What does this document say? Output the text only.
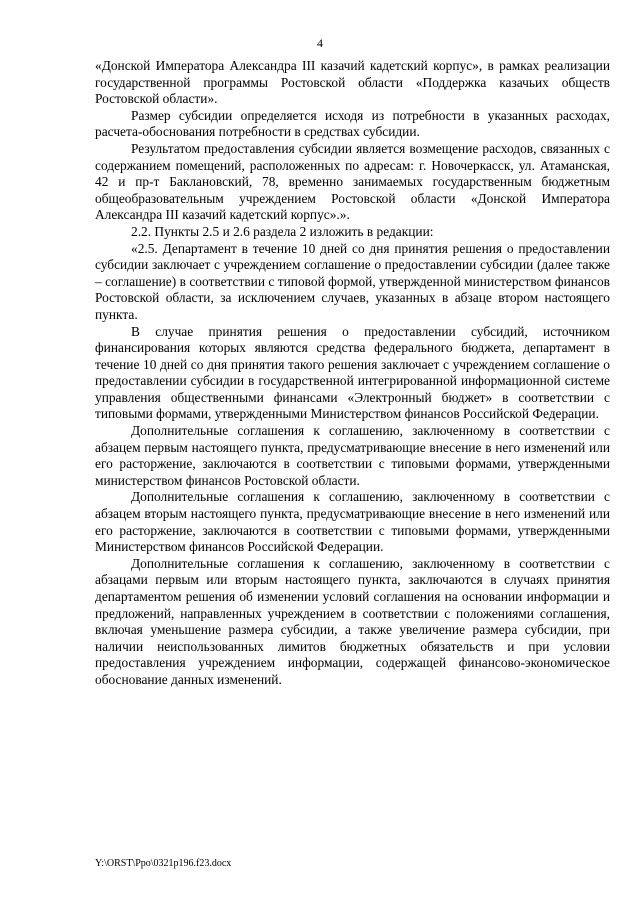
4

«Донской Императора Александра III казачий кадетский корпус», в рамках реализации государственной программы Ростовской области «Поддержка казачьих обществ Ростовской области».

Размер субсидии определяется исходя из потребности в указанных расходах, расчета-обоснования потребности в средствах субсидии.

Результатом предоставления субсидии является возмещение расходов, связанных с содержанием помещений, расположенных по адресам: г. Новочеркасск, ул. Атаманская, 42 и пр-т Баклановский, 78, временно занимаемых государственным бюджетным общеобразовательным учреждением Ростовской области «Донской Императора Александра III казачий кадетский корпус».».

2.2. Пункты 2.5 и 2.6 раздела 2 изложить в редакции:

«2.5. Департамент в течение 10 дней со дня принятия решения о предоставлении субсидии заключает с учреждением соглашение о предоставлении субсидии (далее также – соглашение) в соответствии с типовой формой, утвержденной министерством финансов Ростовской области, за исключением случаев, указанных в абзаце втором настоящего пункта.

В случае принятия решения о предоставлении субсидий, источником финансирования которых являются средства федерального бюджета, департамент в течение 10 дней со дня принятия такого решения заключает с учреждением соглашение о предоставлении субсидии в государственной интегрированной информационной системе управления общественными финансами «Электронный бюджет» в соответствии с типовыми формами, утвержденными Министерством финансов Российской Федерации.

Дополнительные соглашения к соглашению, заключенному в соответствии с абзацем первым настоящего пункта, предусматривающие внесение в него изменений или его расторжение, заключаются в соответствии с типовыми формами, утвержденными министерством финансов Ростовской области.

Дополнительные соглашения к соглашению, заключенному в соответствии с абзацем вторым настоящего пункта, предусматривающие внесение в него изменений или его расторжение, заключаются в соответствии с типовыми формами, утвержденными Министерством финансов Российской Федерации.

Дополнительные соглашения к соглашению, заключенному в соответствии с абзацами первым или вторым настоящего пункта, заключаются в случаях принятия департаментом решения об изменении условий соглашения на основании информации и предложений, направленных учреждением в соответствии с положениями соглашения, включая уменьшение размера субсидии, а также увеличение размера субсидии, при наличии неиспользованных лимитов бюджетных обязательств и при условии предоставления учреждением информации, содержащей финансово-экономическое обоснование данных изменений.

Y:\ORST\Ppo\0321p196.f23.docx
